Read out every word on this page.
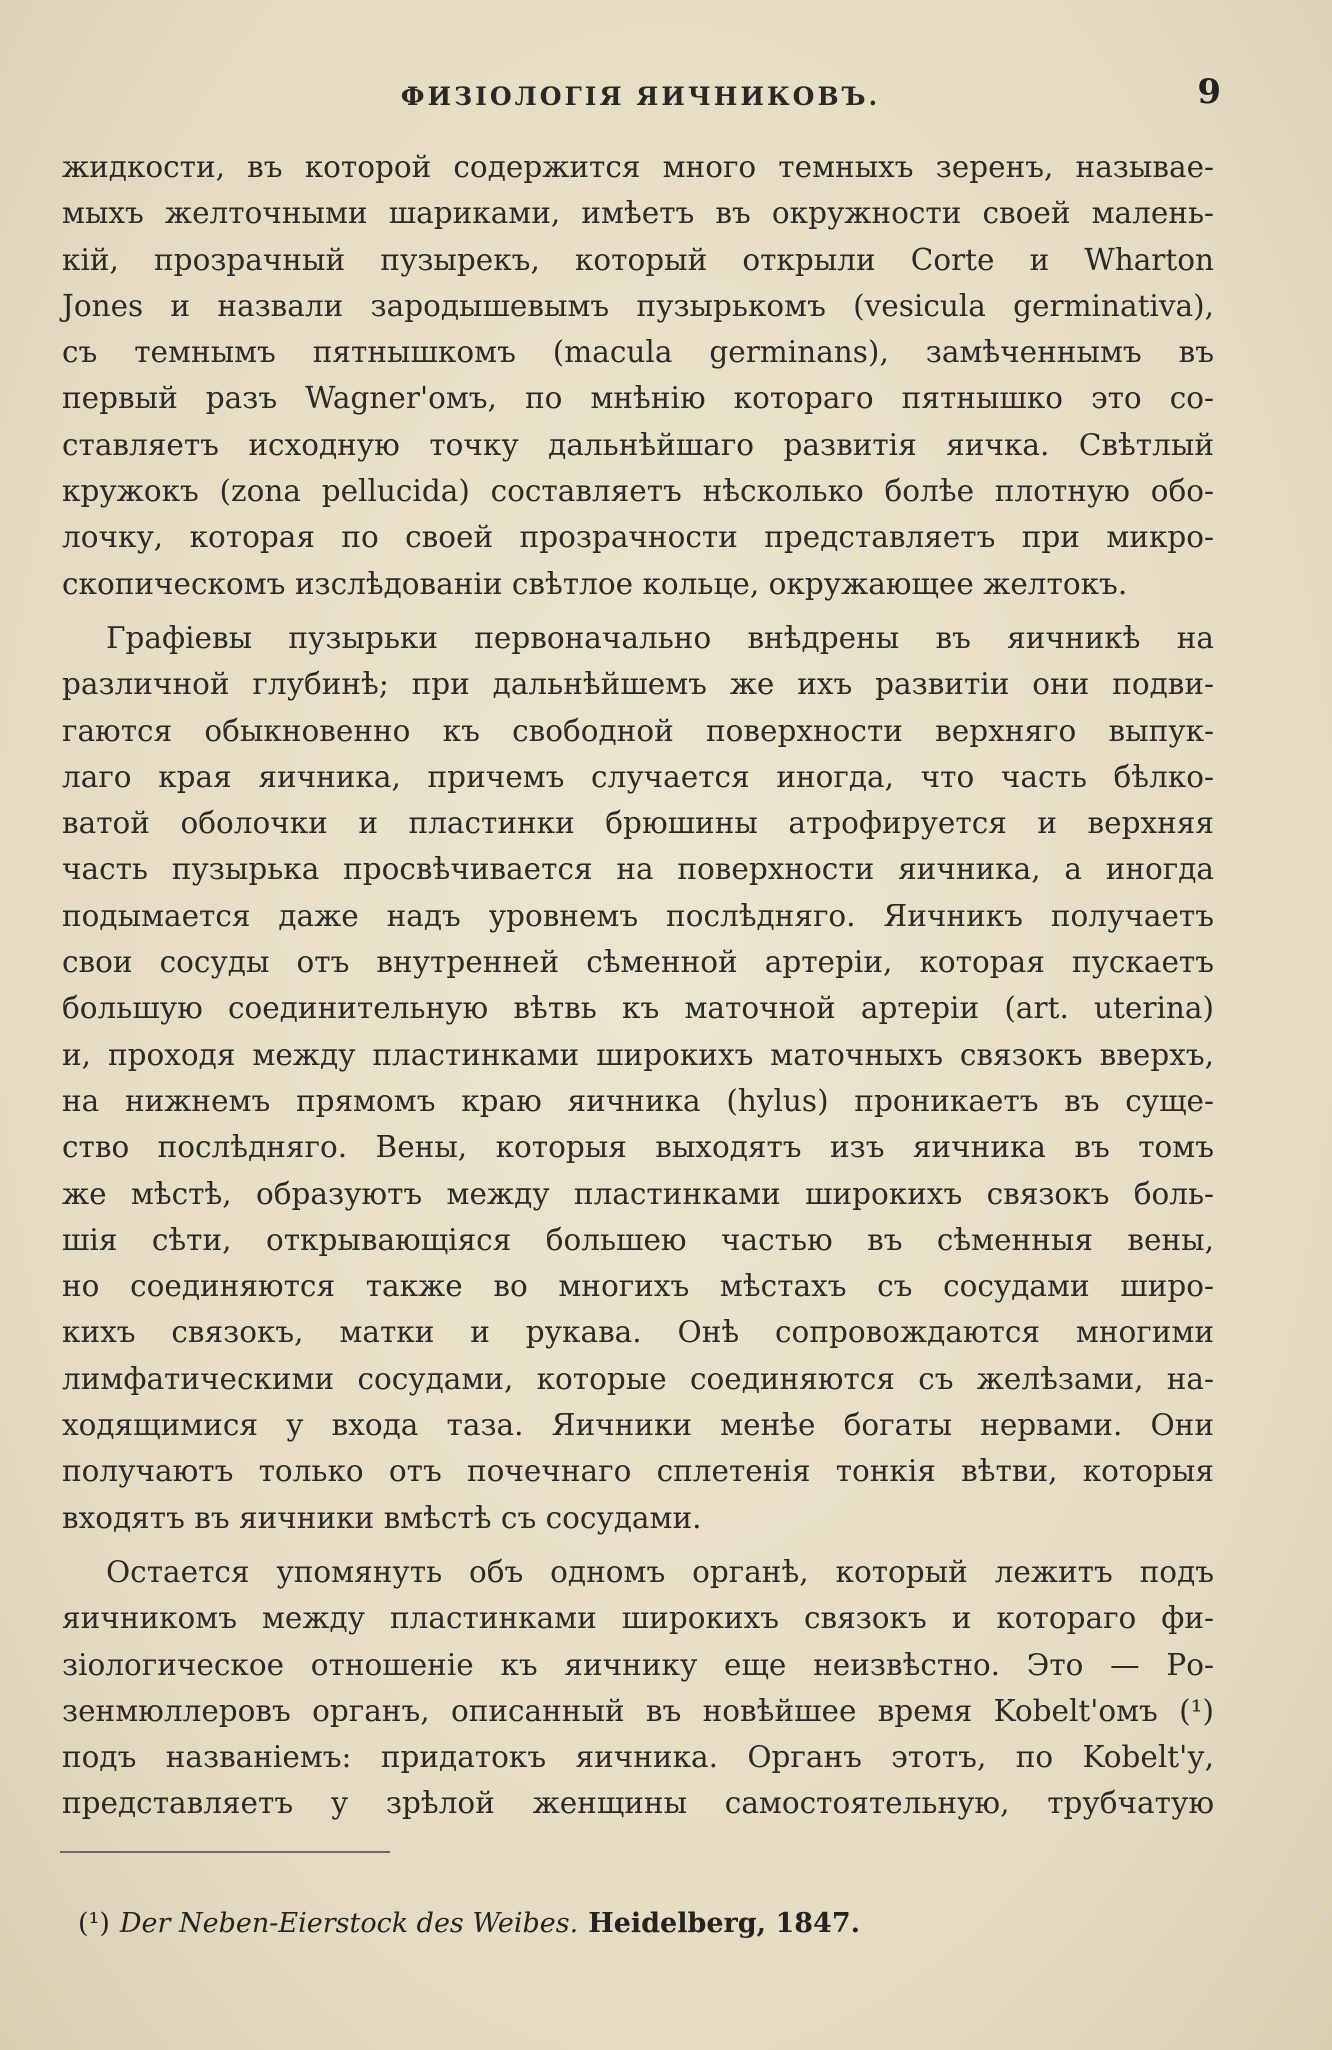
ФИЗІОЛОГІЯ ЯИЧНИКОВЪ.	9
жидкости, въ которой содержится много темныхъ зеренъ, называе-
мыхъ желточными шариками, имѣетъ въ окружности своей малень-
кій, прозрачный пузырекъ, который открыли Corte и Wharton
Jones и назвали зародышевымъ пузырькомъ (vesicula germinativa),
съ темнымъ пятнышкомъ (macula germinans), замѣченнымъ въ
первый разъ Wagner'омъ, по мнѣнію котораго пятнышко это со-
ставляетъ исходную точку дальнѣйшаго развитія яичка. Свѣтлый
кружокъ (zona pellucida) составляетъ нѣсколько болѣе плотную обо-
лочку, которая по своей прозрачности представляетъ при микро-
скопическомъ изслѣдованіи свѣтлое кольце, окружающее желтокъ.
Графіевы пузырьки первоначально внѣдрены въ яичникѣ на
различной глубинѣ; при дальнѣйшемъ же ихъ развитіи они подви-
гаются обыкновенно къ свободной поверхности верхняго выпук-
лаго края яичника, причемъ случается иногда, что часть бѣлко-
ватой оболочки и пластинки брюшины атрофируется и верхняя
часть пузырька просвѣчивается на поверхности яичника, а иногда
подымается даже надъ уровнемъ послѣдняго. Яичникъ получаетъ
свои сосуды отъ внутренней сѣменной артеріи, которая пускаетъ
большую соединительную вѣтвь къ маточной артеріи (art. uterina)
и, проходя между пластинками широкихъ маточныхъ связокъ вверхъ,
на нижнемъ прямомъ краю яичника (hylus) проникаетъ въ суще-
ство послѣдняго. Вены, которыя выходятъ изъ яичника въ томъ
же мѣстѣ, образуютъ между пластинками широкихъ связокъ боль-
шія сѣти, открывающіяся большею частью въ сѣменныя вены,
но соединяются также во многихъ мѣстахъ съ сосудами широ-
кихъ связокъ, матки и рукава. Онѣ сопровождаются многими
лимфатическими сосудами, которые соединяются съ желѣзами, на-
ходящимися у входа таза. Яичники менѣе богаты нервами. Они
получаютъ только отъ почечнаго сплетенія тонкія вѣтви, которыя
входятъ въ яичники вмѣстѣ съ сосудами.
Остается упомянуть объ одномъ органѣ, который лежитъ подъ
яичникомъ между пластинками широкихъ связокъ и котораго фи-
зіологическое отношеніе къ яичнику еще неизвѣстно. Это — Ро-
зенмюллеровъ органъ, описанный въ новѣйшее время Kobelt'омъ (¹)
подъ названіемъ: придатокъ яичника. Органъ этотъ, по Kobelt'у,
представляетъ у зрѣлой женщины самостоятельную, трубчатую
(¹) Der Neben-Eierstock des Weibes. Heidelberg, 1847.
